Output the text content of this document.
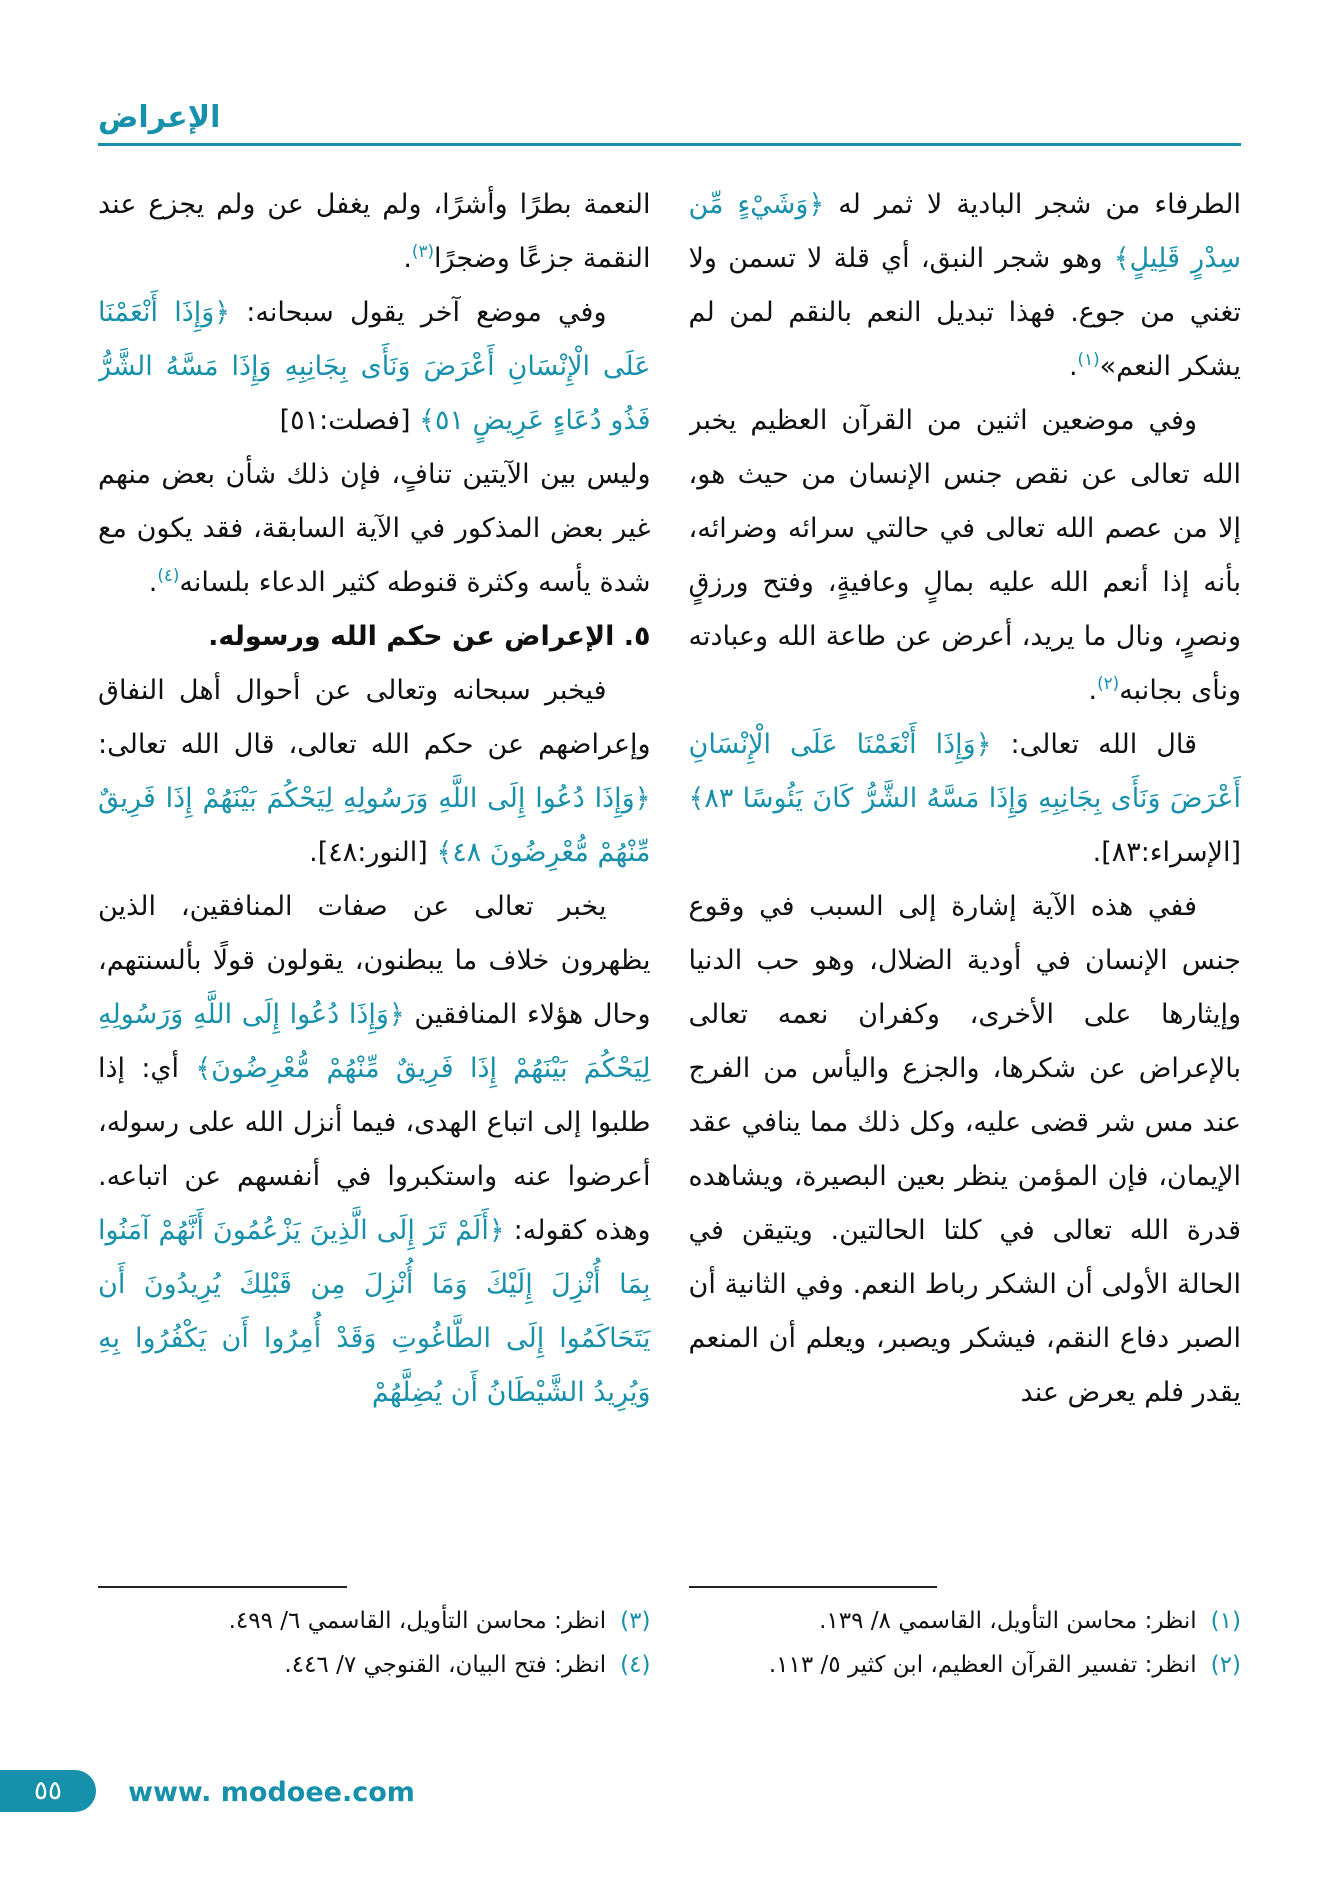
الإعراض
الطرفاء من شجر البادية لا ثمر له ﴿وَشَيْءٍ مِّن سِدْرٍ قَلِيلٍ﴾ وهو شجر النبق، أي قلة لا تسمن ولا تغني من جوع. فهذا تبديل النعم بالنقم لمن لم يشكر النعم»$^{(١)}$.
وفي موضعين اثنين من القرآن العظيم يخبر الله تعالى عن نقص جنس الإنسان من حيث هو، إلا من عصم الله تعالى في حالتي سرائه وضرائه، بأنه إذا أنعم الله عليه بمالٍ وعافيةٍ، وفتح ورزقٍ ونصرٍ، ونال ما يريد، أعرض عن طاعة الله وعبادته ونأى بجانبه$^{(٢)}$.
قال الله تعالى: ﴿وَإِذَا أَنْعَمْنَا عَلَى الْإِنْسَانِ أَعْرَضَ وَنَأَى بِجَانِبِهِ وَإِذَا مَسَّهُ الشَّرُّ كَانَ يَئُوسًا ٨٣﴾ [الإسراء:٨٣].
ففي هذه الآية إشارة إلى السبب في وقوع جنس الإنسان في أودية الضلال، وهو حب الدنيا وإيثارها على الأخرى، وكفران نعمه تعالى بالإعراض عن شكرها، والجزع واليأس من الفرج عند مس شر قضى عليه، وكل ذلك مما ينافي عقد الإيمان، فإن المؤمن ينظر بعين البصيرة، ويشاهده قدرة الله تعالى في كلتا الحالتين. ويتيقن في الحالة الأولى أن الشكر رباط النعم. وفي الثانية أن الصبر دفاع النقم، فيشكر ويصبر، ويعلم أن المنعم يقدر فلم يعرض عند
النعمة بطرًا وأشرًا، ولم يغفل عن ولم يجزع عند النقمة جزعًا وضجرًا$^{(٣)}$.
وفي موضع آخر يقول سبحانه: ﴿وَإِذَا أَنْعَمْنَا عَلَى الْإِنْسَانِ أَعْرَضَ وَنَأَى بِجَانِبِهِ وَإِذَا مَسَّهُ الشَّرُّ فَذُو دُعَاءٍ عَرِيضٍ ٥١﴾ [فصلت:٥١]
وليس بين الآيتين تنافٍ، فإن ذلك شأن بعض منهم غير بعض المذكور في الآية السابقة، فقد يكون مع شدة يأسه وكثرة قنوطه كثير الدعاء بلسانه$^{(٤)}$.
٥. الإعراض عن حكم الله ورسوله.
فيخبر سبحانه وتعالى عن أحوال أهل النفاق وإعراضهم عن حكم الله تعالى، قال الله تعالى: ﴿وَإِذَا دُعُوا إِلَى اللَّهِ وَرَسُولِهِ لِيَحْكُمَ بَيْنَهُمْ إِذَا فَرِيقٌ مِّنْهُمْ مُّعْرِضُونَ ٤٨﴾ [النور:٤٨].
يخبر تعالى عن صفات المنافقين، الذين يظهرون خلاف ما يبطنون، يقولون قولًا بألسنتهم، وحال هؤلاء المنافقين ﴿وَإِذَا دُعُوا إِلَى اللَّهِ وَرَسُولِهِ لِيَحْكُمَ بَيْنَهُمْ إِذَا فَرِيقٌ مِّنْهُمْ مُّعْرِضُونَ﴾ أي: إذا طلبوا إلى اتباع الهدى، فيما أنزل الله على رسوله، أعرضوا عنه واستكبروا في أنفسهم عن اتباعه. وهذه كقوله: ﴿أَلَمْ تَرَ إِلَى الَّذِينَ يَزْعُمُونَ أَنَّهُمْ آمَنُوا بِمَا أُنْزِلَ إِلَيْكَ وَمَا أُنْزِلَ مِن قَبْلِكَ يُرِيدُونَ أَن يَتَحَاكَمُوا إِلَى الطَّاغُوتِ وَقَدْ أُمِرُوا أَن يَكْفُرُوا بِهِ وَيُرِيدُ الشَّيْطَانُ أَن يُضِلَّهُمْ
(١)
انظر: محاسن التأويل، القاسمي ٨/ ١٣٩.
(٢)
انظر: تفسير القرآن العظيم، ابن كثير ٥/ ١١٣.
(٣)
انظر: محاسن التأويل، القاسمي ٦/ ٤٩٩.
(٤)
انظر: فتح البيان، القنوجي ٧/ ٤٤٦.
٥٥ www. modoee.com
